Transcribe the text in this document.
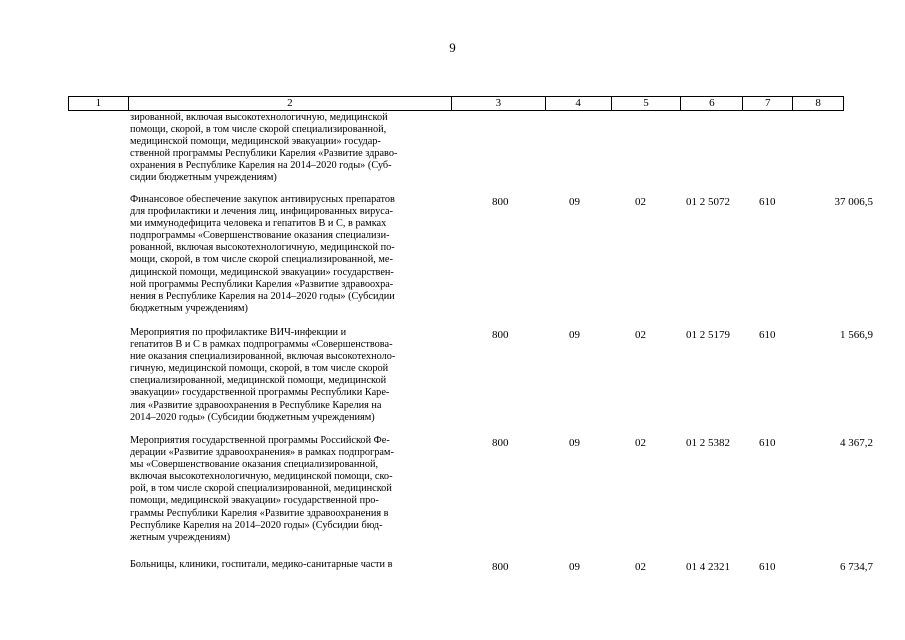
9
1	2	3	4	5	6	7	8
зированной, включая высокотехнологичную, медицинской
помощи, скорой, в том числе скорой специализированной,
медицинской помощи, медицинской эвакуации» государ-
ственной программы Республики Карелия «Развитие здраво-
охранения в Республике Карелия на 2014–2020 годы» (Суб-
сидии бюджетным учреждениям)
Финансовое обеспечение закупок антивирусных препаратов
для профилактики и лечения лиц, инфицированных вируса-
ми иммунодефицита человека и гепатитов В и С, в рамках
подпрограммы «Совершенствование оказания специализи-
рованной, включая высокотехнологичную, медицинской по-
мощи, скорой, в том числе скорой специализированной, ме-
дицинской помощи, медицинской эвакуации» государствен-
ной программы Республики Карелия «Развитие здравоохра-
нения в Республике Карелия на 2014–2020 годы» (Субсидии
бюджетным учреждениям)
800	09	02	01 2 5072	610	37 006,5
Мероприятия по профилактике ВИЧ-инфекции и
гепатитов В и С в рамках подпрограммы «Совершенствова-
ние оказания специализированной, включая высокотехноло-
гичную, медицинской помощи, скорой, в том числе скорой
специализированной, медицинской помощи, медицинской
эвакуации» государственной программы Республики Каре-
лия «Развитие здравоохранения в Республике Карелия на
2014–2020 годы» (Субсидии бюджетным учреждениям)
800	09	02	01 2 5179	610	1 566,9
Мероприятия государственной программы Российской Фе-
дерации «Развитие здравоохранения» в рамках подпрограм-
мы «Совершенствование оказания специализированной,
включая высокотехнологичную, медицинской помощи, ско-
рой, в том числе скорой специализированной, медицинской
помощи, медицинской эвакуации» государственной про-
граммы Республики Карелия «Развитие здравоохранения в
Республике Карелия на 2014–2020 годы» (Субсидии бюд-
жетным учреждениям)
800	09	02	01 2 5382	610	4 367,2
Больницы, клиники, госпитали, медико-санитарные части в	800	09	02	01 4 2321	610	6 734,7
